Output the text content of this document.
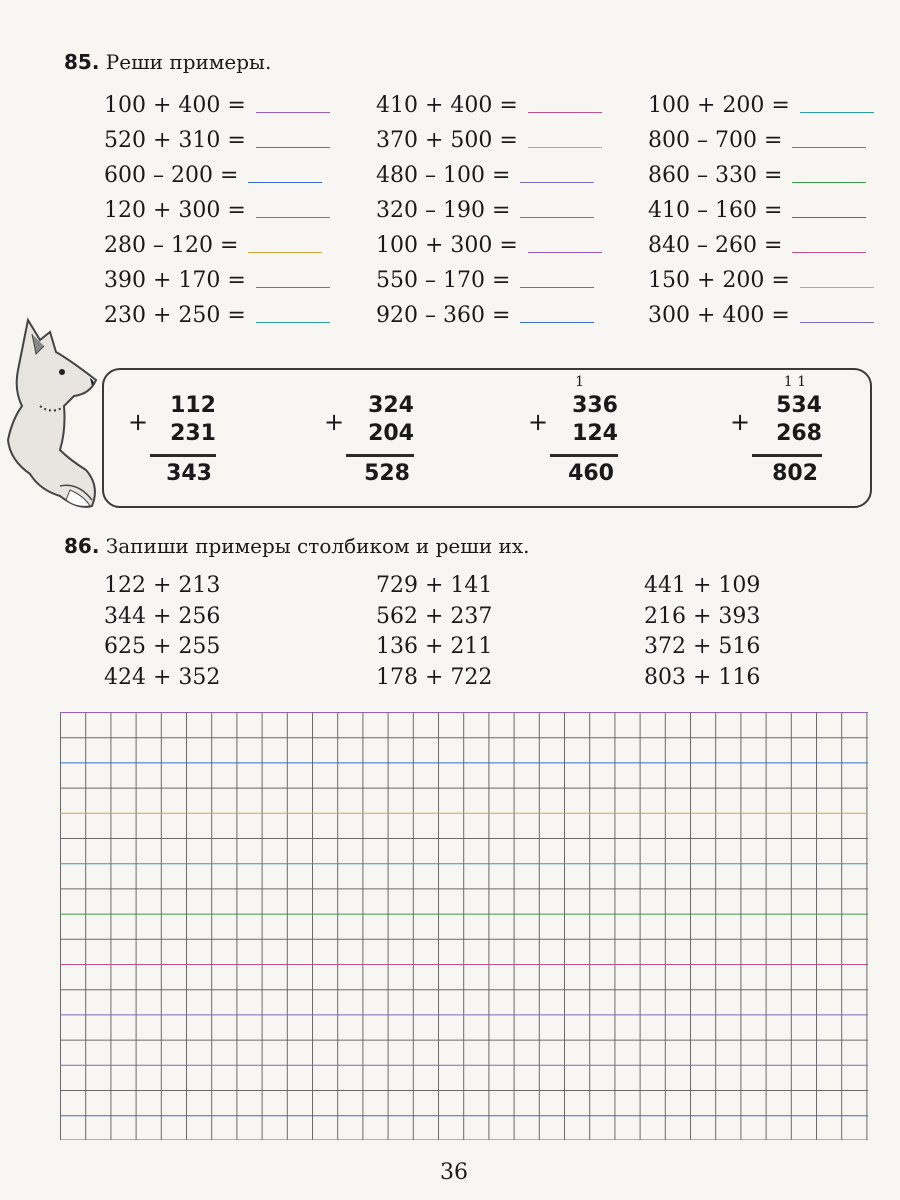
85. Реши примеры.
100 + 400 =
520 + 310 =
600 – 200 =
120 + 300 =
280 – 120 =
390 + 170 =
230 + 250 =
410 + 400 =
370 + 500 =
480 – 100 =
320 – 190 =
100 + 300 =
550 – 170 =
920 – 360 =
100 + 200 =
800 – 700 =
860 – 330 =
410 – 160 =
840 – 260 =
150 + 200 =
300 + 400 =
+
112
231
343
+
324
204
528
1
+
336
124
460
1 1
+
534
268
802
86. Запиши примеры столбиком и реши их.
122 + 213
344 + 256
625 + 255
424 + 352
729 + 141
562 + 237
136 + 211
178 + 722
441 + 109
216 + 393
372 + 516
803 + 116
36
